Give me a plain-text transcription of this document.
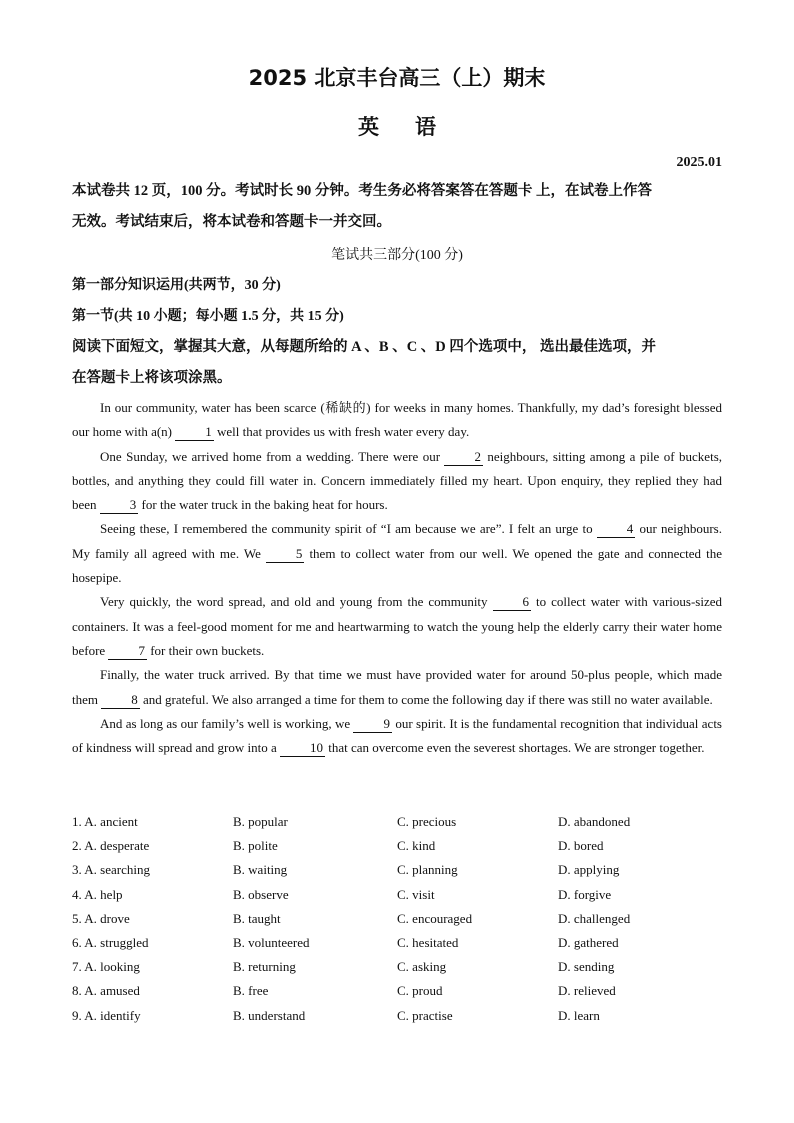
2025 北京丰台高三（上）期末
英语
2025.01
本试卷共 12 页，100 分。考试时长 90 分钟。考生务必将答案答在答题卡 上，在试卷上作答
无效。考试结束后，将本试卷和答题卡一并交回。
笔试共三部分(100 分)
第一部分知识运用(共两节，30 分)
第一节(共 10 小题；每小题 1.5 分，共 15 分)
阅读下面短文，掌握其大意，从每题所给的 A 、B 、C 、D 四个选项中， 选出最佳选项，并
在答题卡上将该项涂黑。

In our community, water has been scarce (稀缺的) for weeks in many homes. Thankfully, my dad’s foresight blessed our home with a(n) 1 well that provides us with fresh water every day.

One Sunday, we arrived home from a wedding. There were our 2 neighbours, sitting among a pile of buckets, bottles, and anything they could fill water in. Concern immediately filled my heart. Upon enquiry, they replied they had been 3 for the water truck in the baking heat for hours.

Seeing these, I remembered the community spirit of “I am because we are”. I felt an urge to 4 our neighbours. My family all agreed with me. We 5 them to collect water from our well. We opened the gate and connected the hosepipe.

Very quickly, the word spread, and old and young from the community 6 to collect water with various-sized containers. It was a feel-good moment for me and heartwarming to watch the young help the elderly carry their water home before 7 for their own buckets.

Finally, the water truck arrived. By that time we must have provided water for around 50-plus people, which made them 8 and grateful. We also arranged a time for them to come the following day if there was still no water available.

And as long as our family’s well is working, we 9 our spirit. It is the fundamental recognition that individual acts of kindness will spread and grow into a 10 that can overcome even the severest shortages. We are stronger together.

1. A. ancient	B. popular	C. precious	D. abandoned
2. A. desperate	B. polite	C. kind	D. bored
3. A. searching	B. waiting	C. planning	D. applying
4. A. help	B. observe	C. visit	D. forgive
5. A. drove	B. taught	C. encouraged	D. challenged
6. A. struggled	B. volunteered	C. hesitated	D. gathered
7. A. looking	B. returning	C. asking	D. sending
8. A. amused	B. free	C. proud	D. relieved
9. A. identify	B. understand	C. practise	D. learn
